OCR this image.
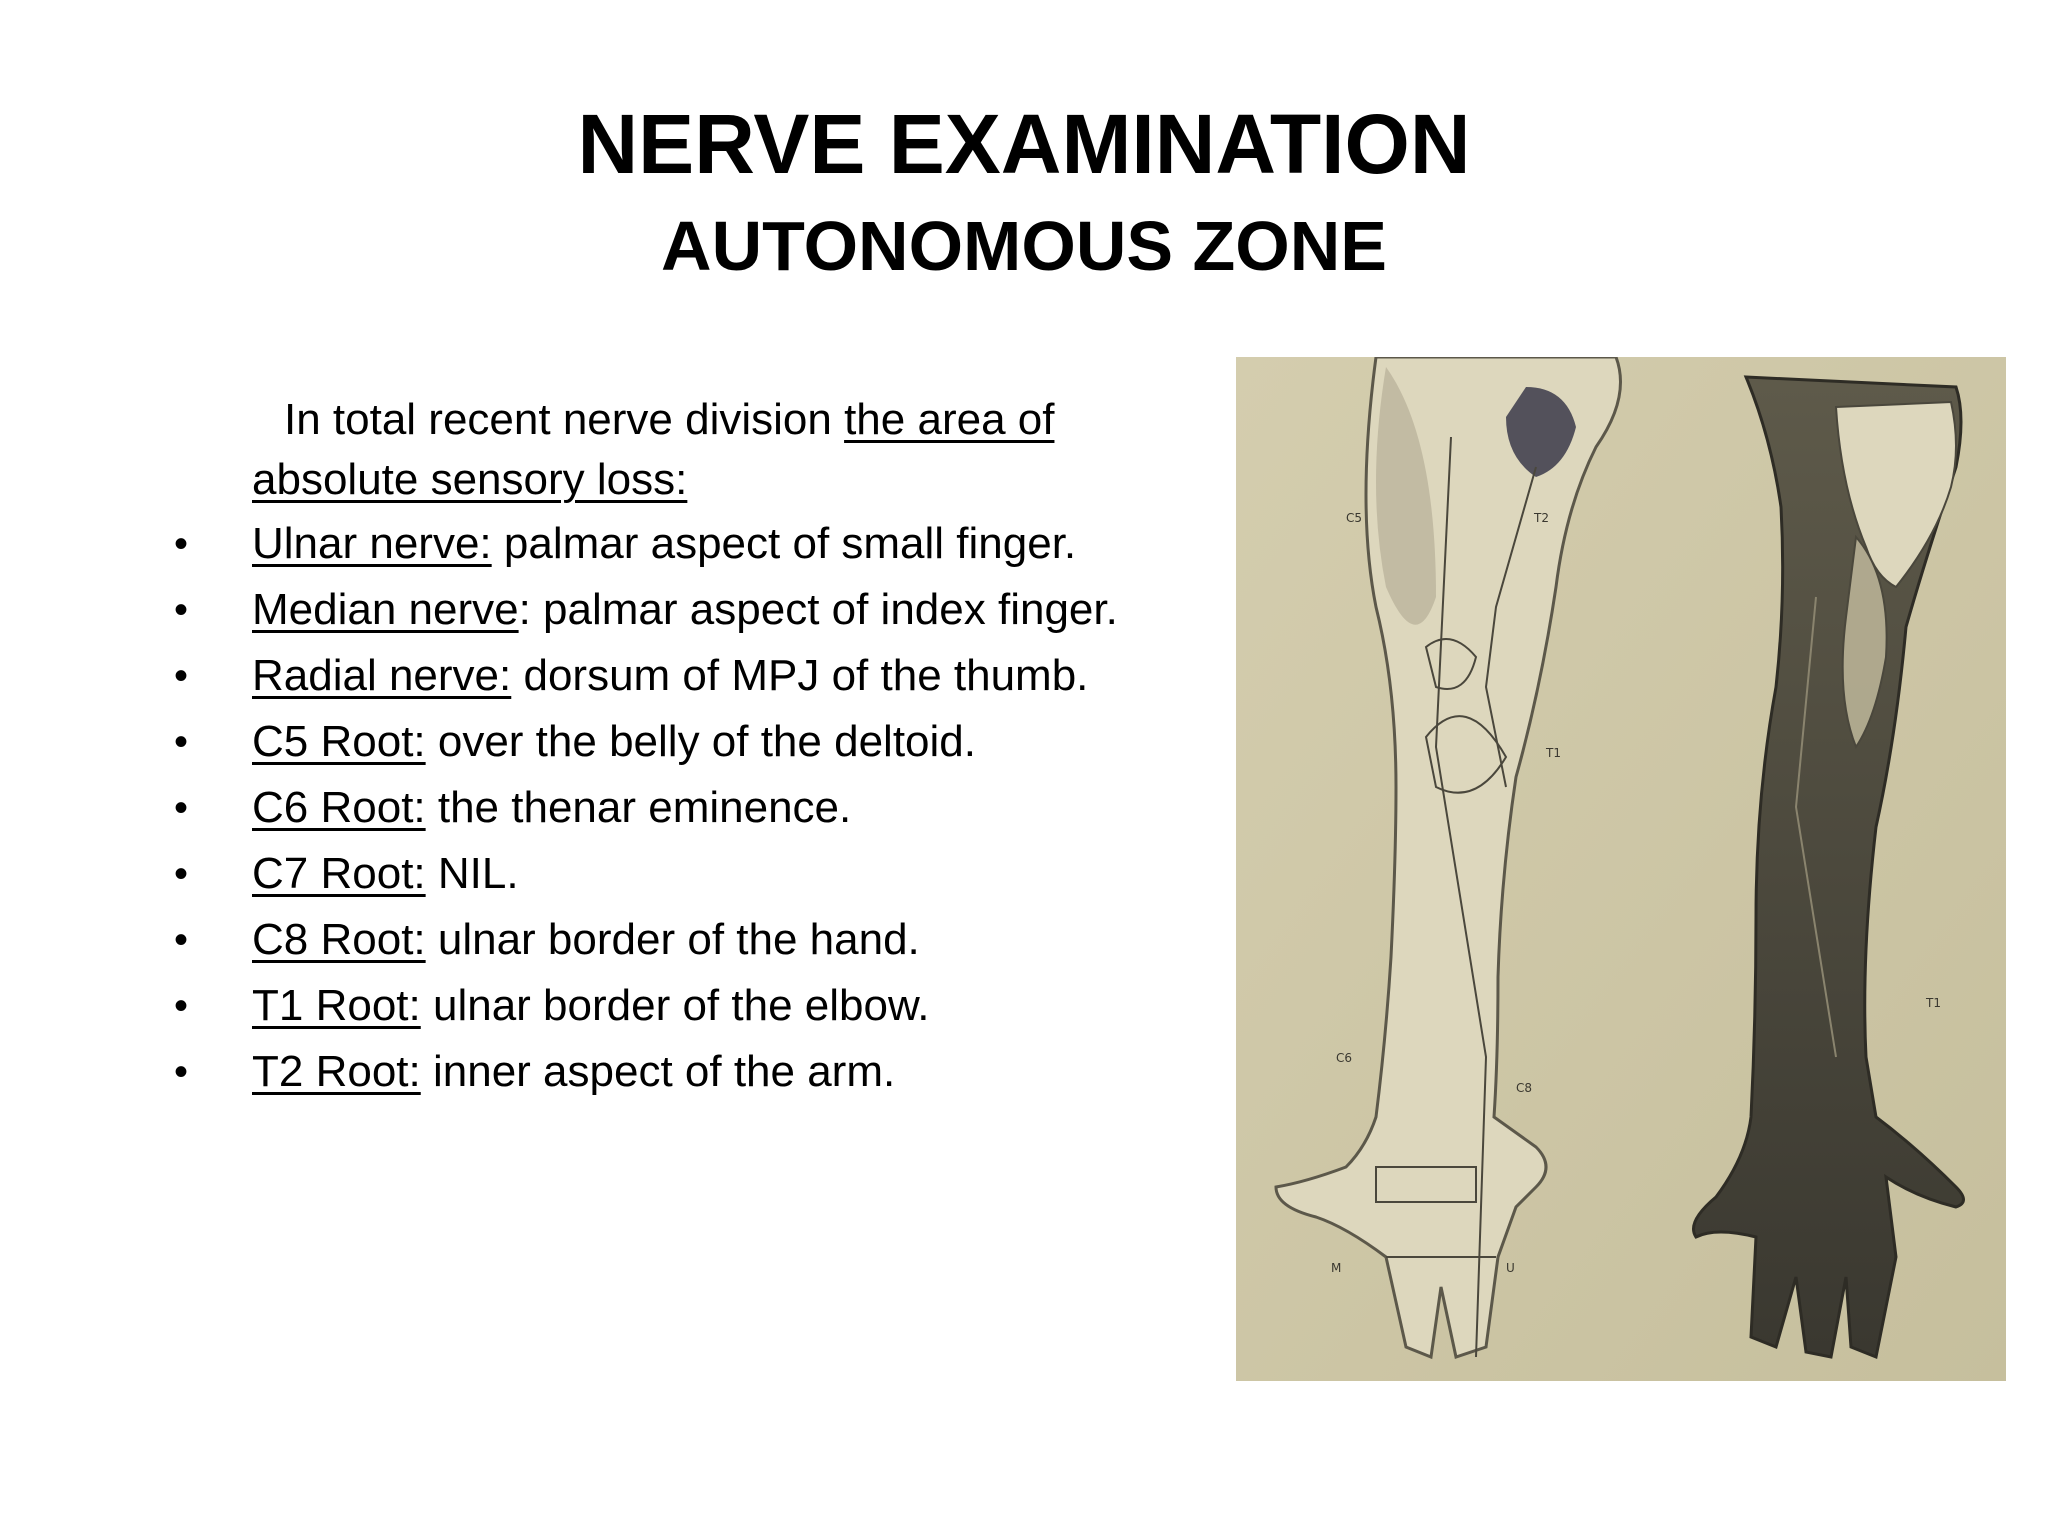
NERVE EXAMINATION
AUTONOMOUS ZONE

In total recent nerve division the area of absolute sensory loss:

• Ulnar nerve: palmar aspect of small finger.
• Median nerve: palmar aspect of index finger.
• Radial nerve: dorsum of MPJ of the thumb.
• C5 Root: over the belly of the deltoid.
• C6 Root: the thenar eminence.
• C7 Root: NIL.
• C8 Root: ulnar border of the hand.
• T1 Root: ulnar border of the elbow.
• T2 Root: inner aspect of the arm.
C5	T2
C6
C8
T1
M	U
T1
